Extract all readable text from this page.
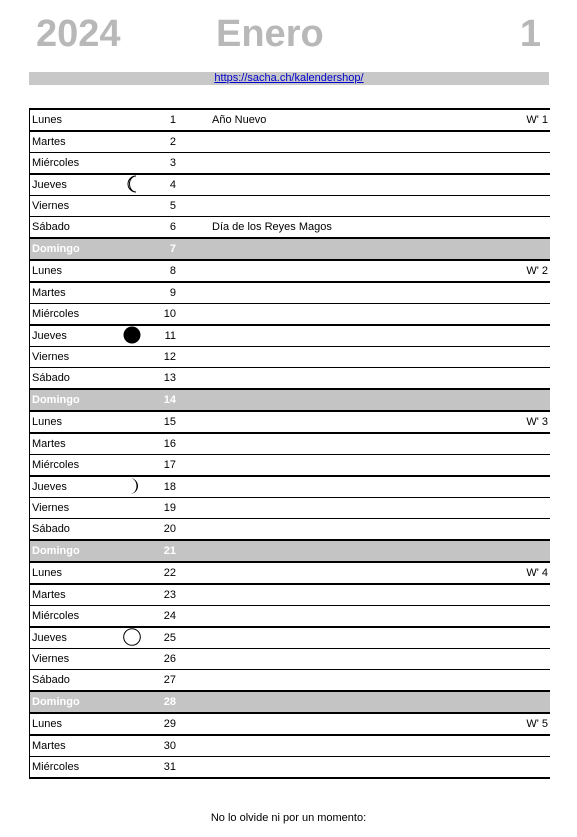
2024	Enero	1
https://sacha.ch/kalendershop/
Lunes	1	Año Nuevo	W' 1
Martes	2
Miércoles	3
Jueves	4
Viernes	5
Sábado	6	Día de los Reyes Magos
Domingo	7
Lunes	8	W' 2
Martes	9
Miércoles	10
Jueves	11
Viernes	12
Sábado	13
Domingo	14
Lunes	15	W' 3
Martes	16
Miércoles	17
Jueves	18
Viernes	19
Sábado	20
Domingo	21
Lunes	22	W' 4
Martes	23
Miércoles	24
Jueves	25
Viernes	26
Sábado	27
Domingo	28
Lunes	29	W' 5
Martes	30
Miércoles	31
No lo olvide ni por un momento:
